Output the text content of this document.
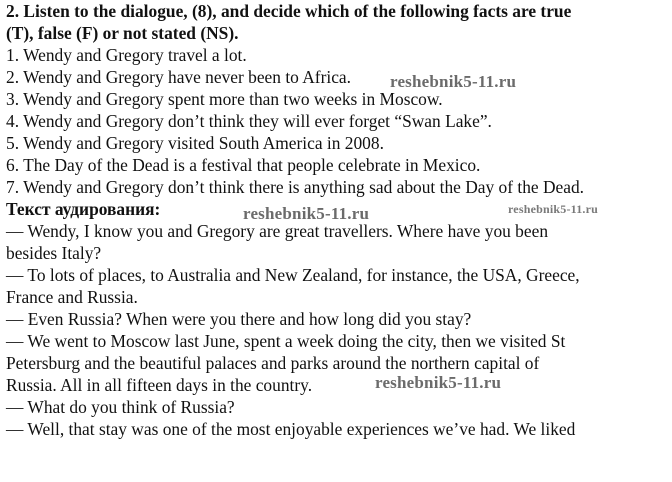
2. Listen to the dialogue, (8), and decide which of the following facts are true
(T), false (F) or not stated (NS).
1. Wendy and Gregory travel a lot.
2. Wendy and Gregory have never been to Africa.
3. Wendy and Gregory spent more than two weeks in Moscow.
4. Wendy and Gregory don’t think they will ever forget “Swan Lake”.
5. Wendy and Gregory visited South America in 2008.
6. The Day of the Dead is a festival that people celebrate in Mexico.
7. Wendy and Gregory don’t think there is anything sad about the Day of the Dead.
Текст аудирования:
— Wendy, I know you and Gregory are great travellers. Where have you been
besides Italy?
— To lots of places, to Australia and New Zealand, for instance, the USA, Greece,
France and Russia.
— Even Russia? When were you there and how long did you stay?
— We went to Moscow last June, spent a week doing the city, then we visited St
Petersburg and the beautiful palaces and parks around the northern capital of
Russia. All in all fifteen days in the country.
— What do you think of Russia?
— Well, that stay was one of the most enjoyable experiences we’ve had. We liked
reshebnik5-11.ru
reshebnik5-11.ru	reshebnik5-11.ru
reshebnik5-11.ru
